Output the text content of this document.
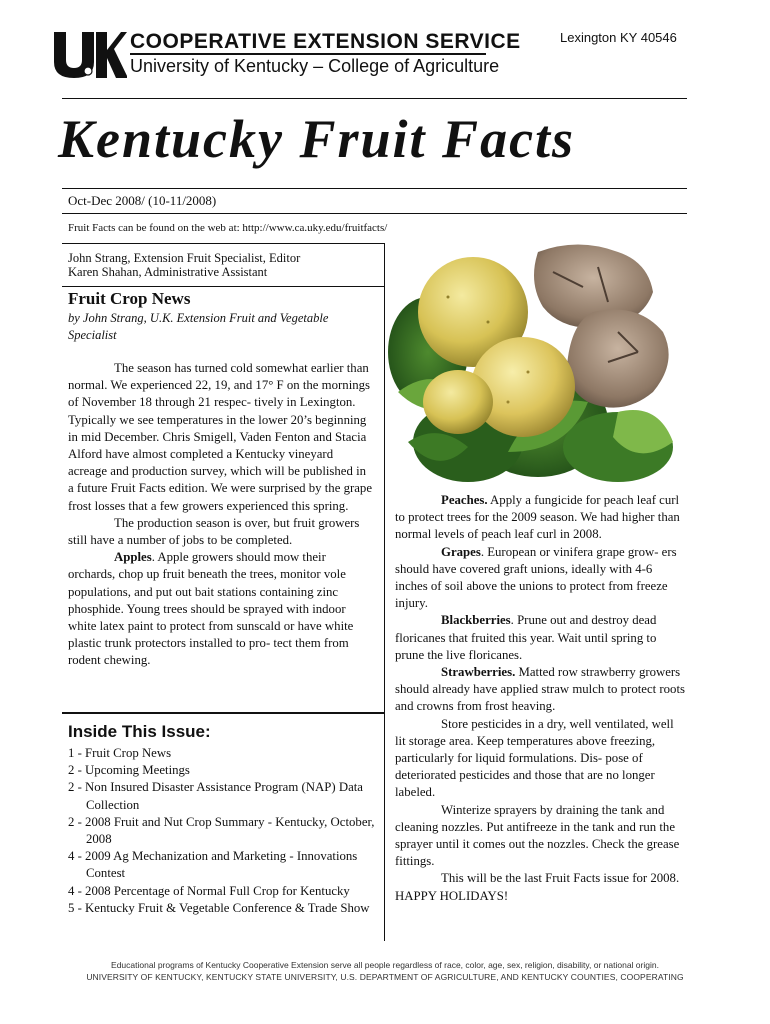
COOPERATIVE EXTENSION SERVICE
University of Kentucky – College of Agriculture
Lexington KY 40546
Kentucky Fruit Facts
Oct-Dec 2008/ (10-11/2008)
Fruit Facts can be found on the web at: http://www.ca.uky.edu/fruitfacts/
John Strang, Extension Fruit Specialist, Editor
Karen Shahan, Administrative Assistant
Fruit Crop News
by John Strang, U.K. Extension Fruit and Vegetable Specialist

The season has turned cold somewhat earlier than normal. We experienced 22, 19, and 17° F on the mornings of November 18 through 21 respec- tively in Lexington. Typically we see temperatures in the lower 20’s beginning in mid December. Chris Smigell, Vaden Fenton and Stacia Alford have almost completed a Kentucky vineyard acreage and production survey, which will be published in a future Fruit Facts edition. We were surprised by the grape frost losses that a few growers experienced this spring.

The production season is over, but fruit growers still have a number of jobs to be completed.

Apples. Apple growers should mow their orchards, chop up fruit beneath the trees, monitor vole populations, and put out bait stations containing zinc phosphide. Young trees should be sprayed with indoor white latex paint to protect from sunscald or have white plastic trunk protectors installed to pro- tect them from rodent chewing.

Inside This Issue:
1 - Fruit Crop News
2 - Upcoming Meetings
2 - Non Insured Disaster Assistance Program (NAP) Data Collection
2 - 2008 Fruit and Nut Crop Summary - Kentucky, October, 2008
4 - 2009 Ag Mechanization and Marketing - Innovations Contest
4 - 2008 Percentage of Normal Full Crop for Kentucky
5 - Kentucky Fruit & Vegetable Conference & Trade Show

Peaches. Apply a fungicide for peach leaf curl to protect trees for the 2009 season. We had higher than normal levels of peach leaf curl in 2008.

Grapes. European or vinifera grape grow- ers should have covered graft unions, ideally with 4-6 inches of soil above the unions to protect from freeze injury.

Blackberries. Prune out and destroy dead floricanes that fruited this year. Wait until spring to prune the live floricanes.

Strawberries. Matted row strawberry growers should already have applied straw mulch to protect roots and crowns from frost heaving.

Store pesticides in a dry, well ventilated, well lit storage area. Keep temperatures above freezing, particularly for liquid formulations. Dis- pose of deteriorated pesticides and those that are no longer labeled.

Winterize sprayers by draining the tank and cleaning nozzles. Put antifreeze in the tank and run the sprayer until it comes out the nozzles. Check the grease fittings.

This will be the last Fruit Facts issue for 2008. HAPPY HOLIDAYS!

Educational programs of Kentucky Cooperative Extension serve all people regardless of race, color, age, sex, religion, disability, or national origin.
UNIVERSITY OF KENTUCKY, KENTUCKY STATE UNIVERSITY, U.S. DEPARTMENT OF AGRICULTURE, AND KENTUCKY COUNTIES, COOPERATING
